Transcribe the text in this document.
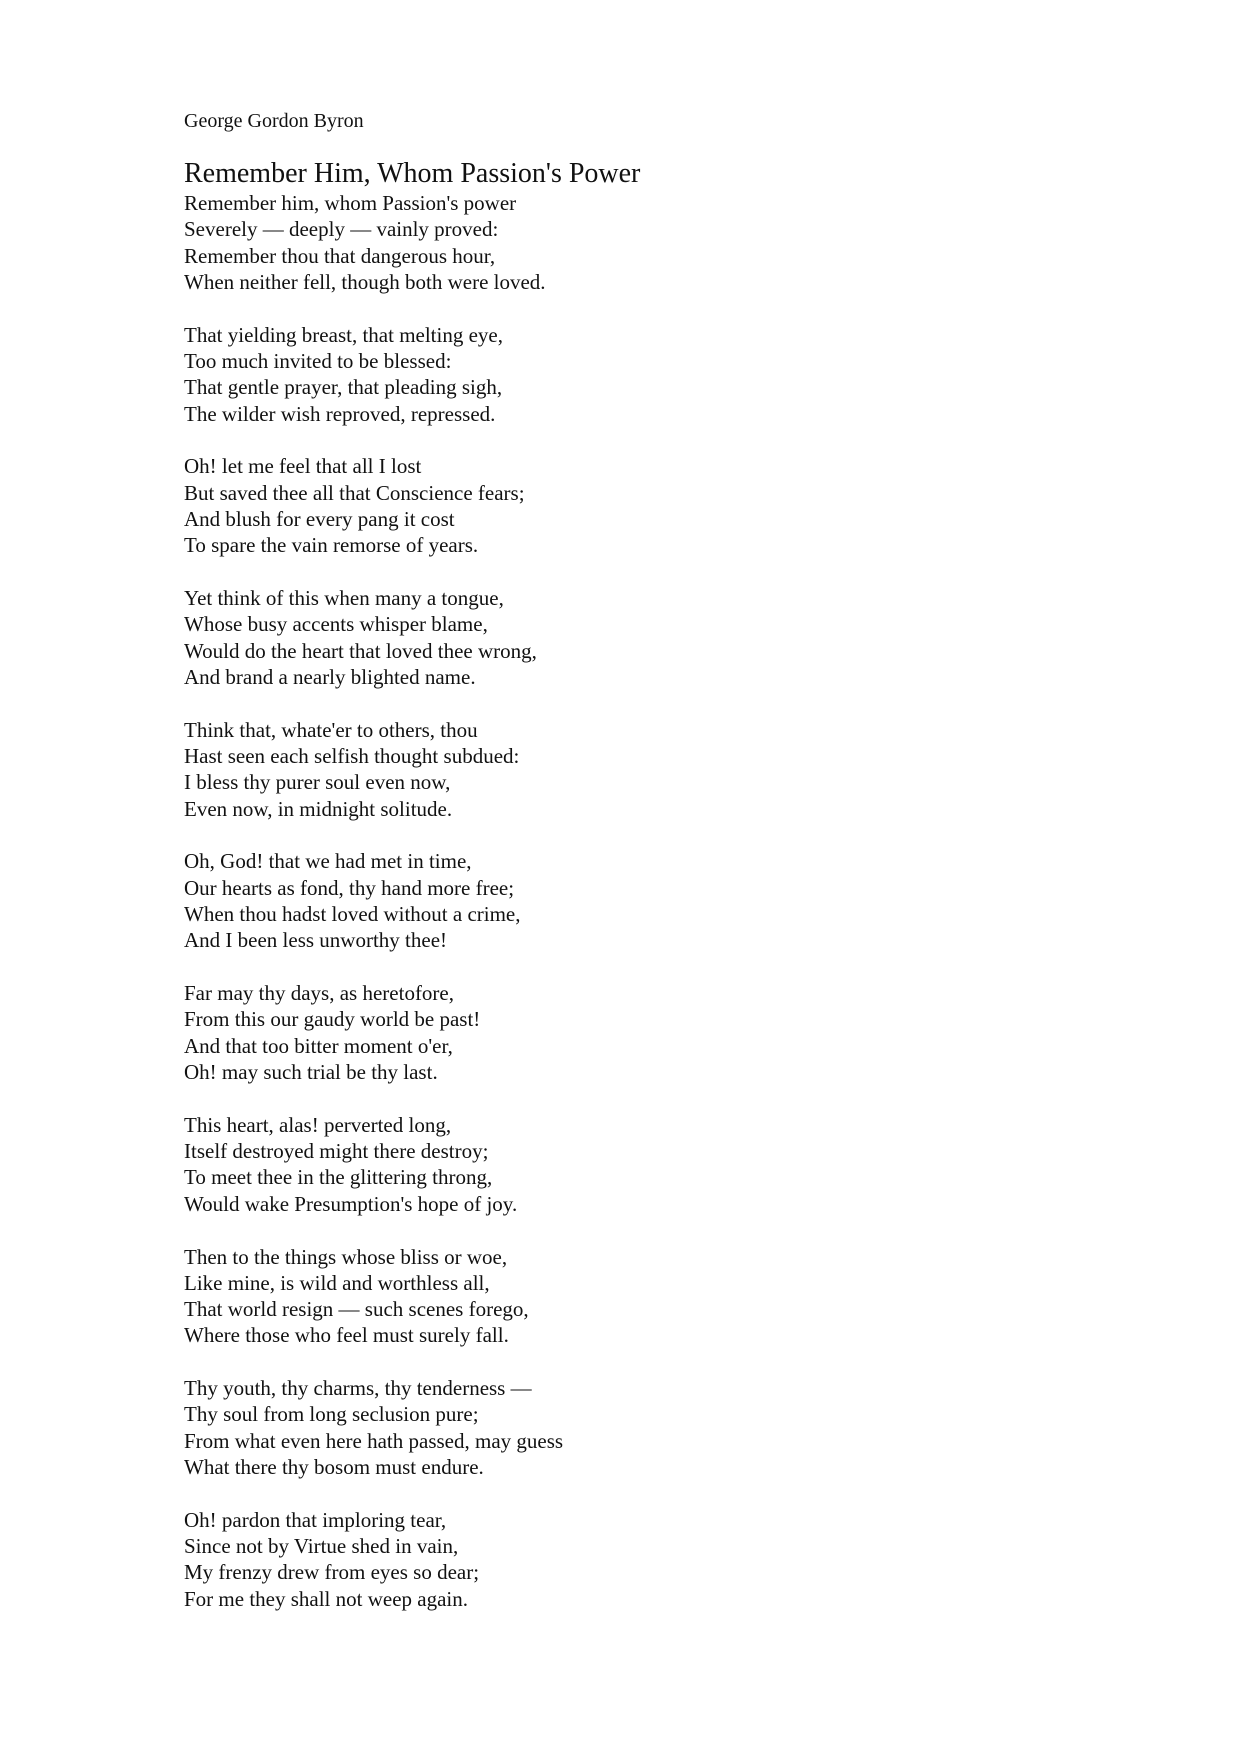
George Gordon Byron
Remember Him, Whom Passion's Power
Remember him, whom Passion's power
Severely — deeply — vainly proved:
Remember thou that dangerous hour,
When neither fell, though both were loved.
That yielding breast, that melting eye,
Too much invited to be blessed:
That gentle prayer, that pleading sigh,
The wilder wish reproved, repressed.
Oh! let me feel that all I lost
But saved thee all that Conscience fears;
And blush for every pang it cost
To spare the vain remorse of years.
Yet think of this when many a tongue,
Whose busy accents whisper blame,
Would do the heart that loved thee wrong,
And brand a nearly blighted name.
Think that, whate'er to others, thou
Hast seen each selfish thought subdued:
I bless thy purer soul even now,
Even now, in midnight solitude.
Oh, God! that we had met in time,
Our hearts as fond, thy hand more free;
When thou hadst loved without a crime,
And I been less unworthy thee!
Far may thy days, as heretofore,
From this our gaudy world be past!
And that too bitter moment o'er,
Oh! may such trial be thy last.
This heart, alas! perverted long,
Itself destroyed might there destroy;
To meet thee in the glittering throng,
Would wake Presumption's hope of joy.
Then to the things whose bliss or woe,
Like mine, is wild and worthless all,
That world resign — such scenes forego,
Where those who feel must surely fall.
Thy youth, thy charms, thy tenderness —
Thy soul from long seclusion pure;
From what even here hath passed, may guess
What there thy bosom must endure.
Oh! pardon that imploring tear,
Since not by Virtue shed in vain,
My frenzy drew from eyes so dear;
For me they shall not weep again.
